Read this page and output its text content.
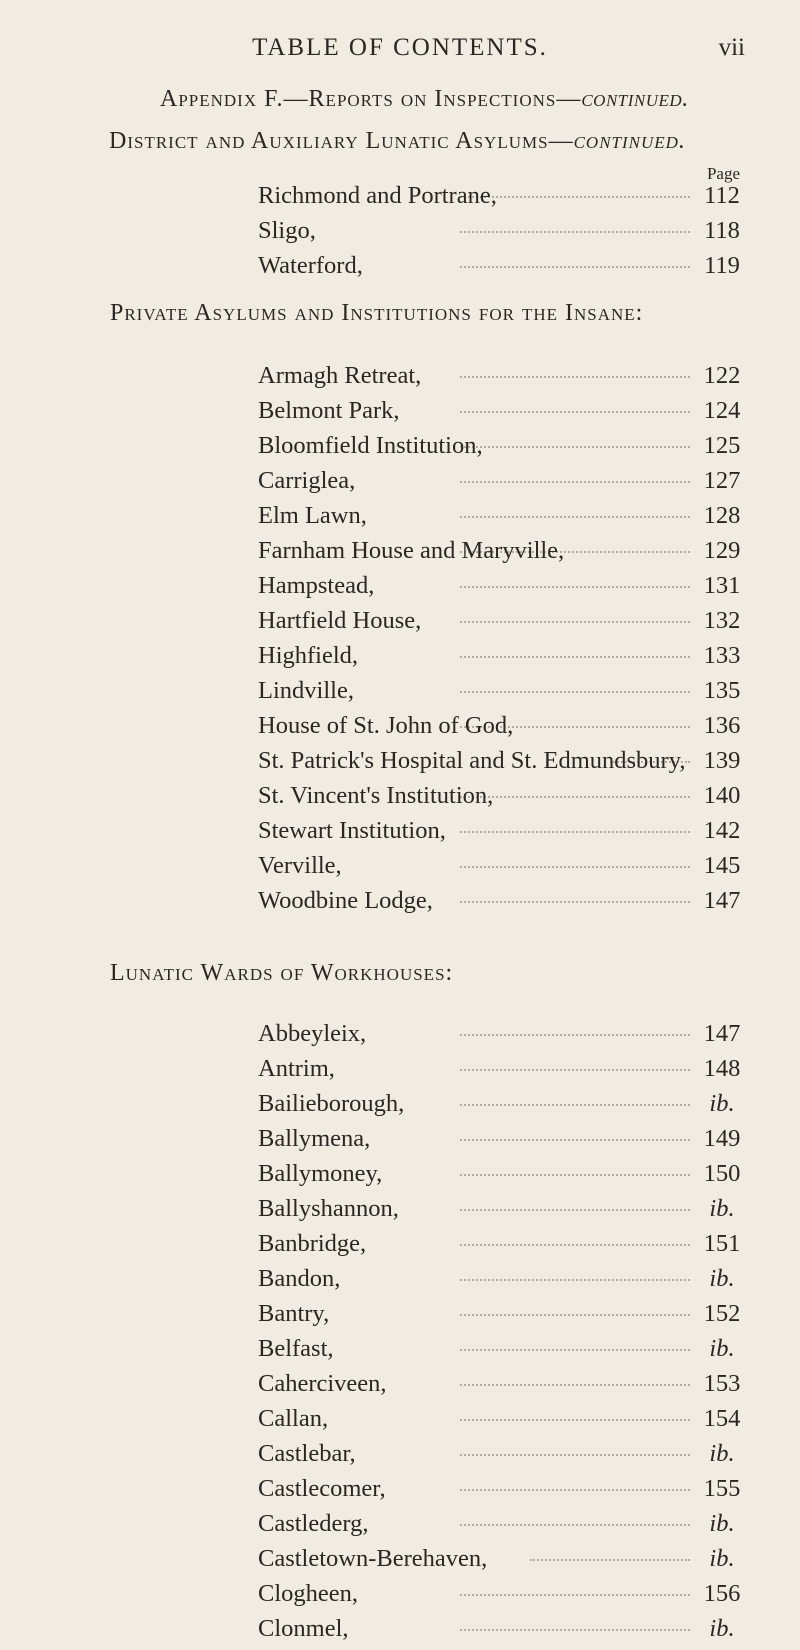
TABLE OF CONTENTS.	vii
Appendix F.—Reports on Inspections—continued.
District and Auxiliary Lunatic Asylums—continued.
Page
Richmond and Portrane,	112
Sligo,	118
Waterford,	119
Private Asylums and Institutions for the Insane:
Armagh Retreat,	122
Belmont Park,	124
Bloomfield Institution,	125
Carriglea,	127
Elm Lawn,	128
Farnham House and Maryville,	129
Hampstead,	131
Hartfield House,	132
Highfield,	133
Lindville,	135
House of St. John of God,	136
St. Patrick's Hospital and St. Edmundsbury, 139
St. Vincent's Institution,	140
Stewart Institution,	142
Verville,	145
Woodbine Lodge,	147
Lunatic Wards of Workhouses:
Abbeyleix,	147
Antrim,	148
Bailieborough,	ib.
Ballymena,	149
Ballymoney,	150
Ballyshannon,	ib.
Banbridge,	151
Bandon,	ib.
Bantry,	152
Belfast,	ib.
Caherciveen,	153
Callan,	154
Castlebar,	ib.
Castlecomer,	155
Castlederg,	ib.
Castletown-Berehaven,	ib.
Clogheen,	156
Clonmel,	ib.
